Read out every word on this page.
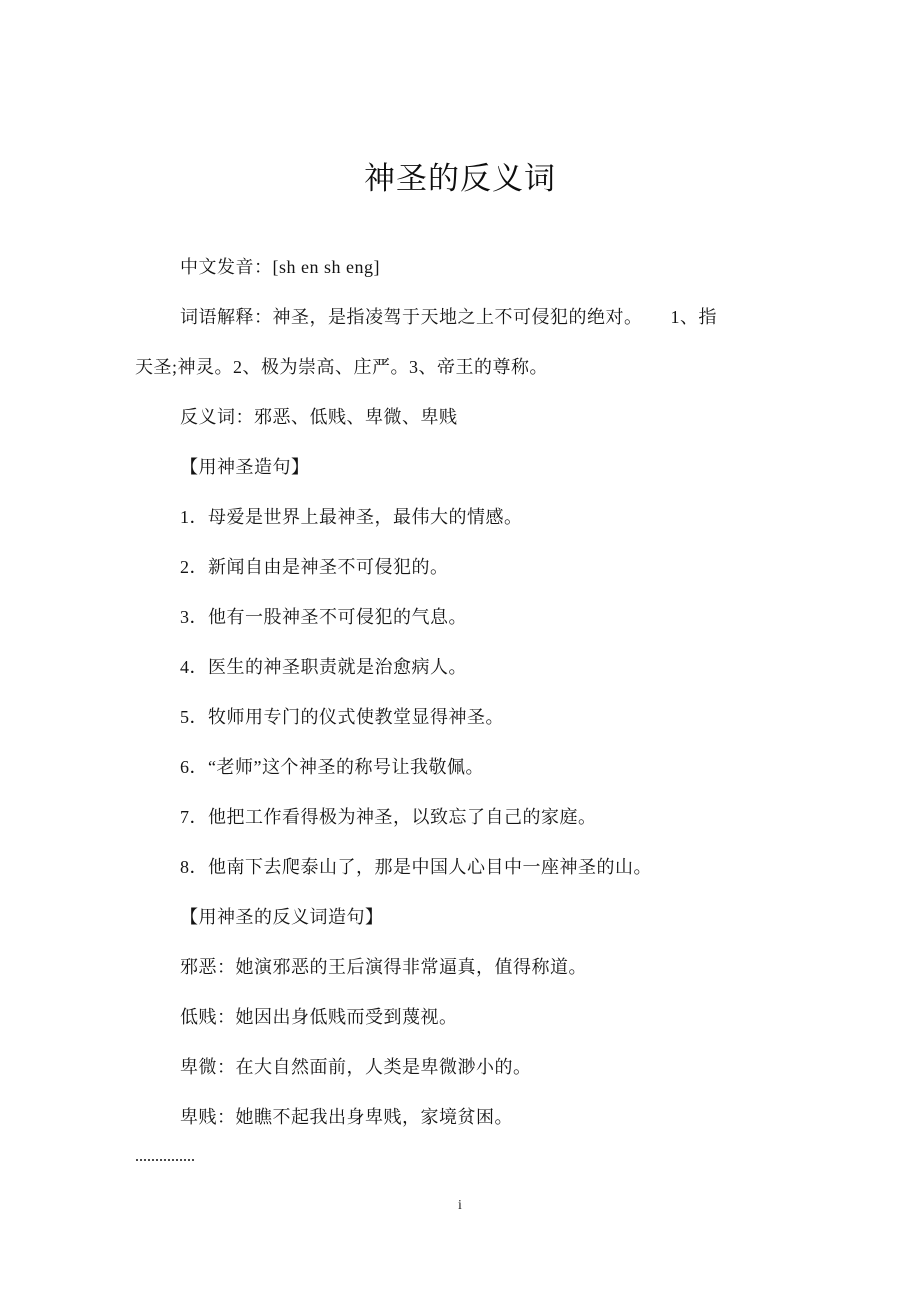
神圣的反义词
中文发音：[sh en sh eng]
词语解释：神圣，是指凌驾于天地之上不可侵犯的绝对。　　1、指
天圣;神灵。2、极为崇高、庄严。3、帝王的尊称。
反义词：邪恶、低贱、卑微、卑贱
【用神圣造句】
1．母爱是世界上最神圣，最伟大的情感。
2．新闻自由是神圣不可侵犯的。
3．他有一股神圣不可侵犯的气息。
4．医生的神圣职责就是治愈病人。
5．牧师用专门的仪式使教堂显得神圣。
6．“老师”这个神圣的称号让我敬佩。
7．他把工作看得极为神圣，以致忘了自己的家庭。
8．他南下去爬泰山了，那是中国人心目中一座神圣的山。
【用神圣的反义词造句】
邪恶：她演邪恶的王后演得非常逼真，值得称道。
低贱：她因出身低贱而受到蔑视。
卑微：在大自然面前，人类是卑微渺小的。
卑贱：她瞧不起我出身卑贱，家境贫困。
i
